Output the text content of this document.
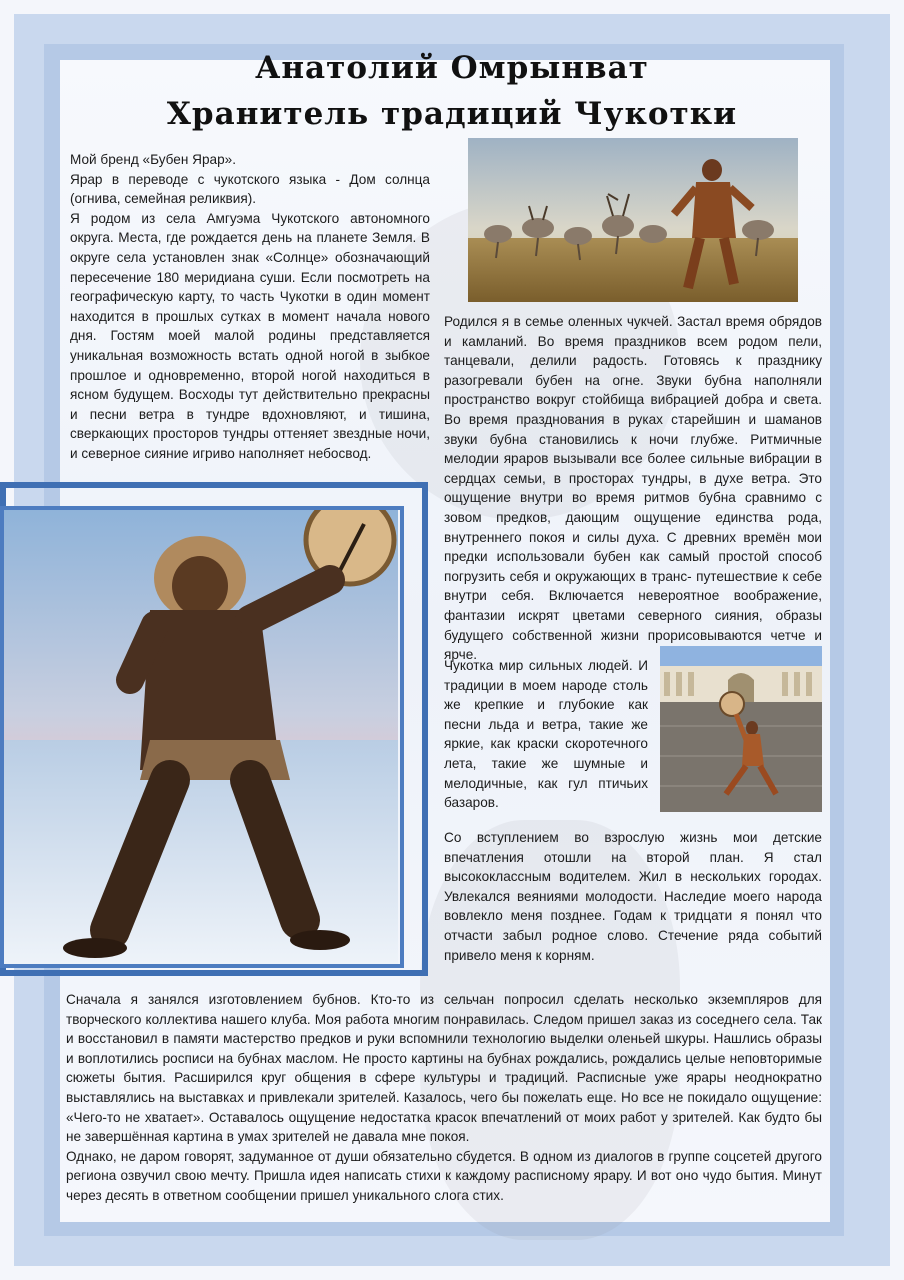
Анатолий Омрынват
Хранитель традиций Чукотки

Мой бренд «Бубен Ярар».

Ярар в переводе с чукотского языка - Дом солнца (огнива, семейная реликвия).

Я родом из села Амгуэма Чукотского автономного округа. Места, где рождается день на планете Земля. В округе села установлен знак «Солнце» обозначающий пересечение 180 меридиана суши. Если посмотреть на географическую карту, то часть Чукотки в один момент находится в прошлых сутках в момент начала нового дня. Гостям моей малой родины представляется уникальная возможность встать одной ногой в зыбкое прошлое и одновременно, второй ногой находиться в ясном будущем. Восходы тут действительно прекрасны и песни ветра в тундре вдохновляют, и тишина, сверкающих просторов тундры оттеняет звездные ночи, и северное сияние игриво наполняет небосвод.

Родился я в семье оленных чукчей. Застал время обрядов и камланий. Во время праздников всем родом пели, танцевали, делили радость. Готовясь к празднику разогревали бубен на огне. Звуки бубна наполняли пространство вокруг стойбища вибрацией добра и света. Во время празднования в руках старейшин и шаманов звуки бубна становились к ночи глубже. Ритмичные мелодии яраров вызывали все более сильные вибрации в сердцах семьи, в просторах тундры, в духе ветра. Это ощущение внутри во время ритмов бубна сравнимо с зовом предков, дающим ощущение единства рода, внутреннего покоя и силы духа. С древних времён мои предки использовали бубен как самый простой способ погрузить себя и окружающих в транс- путешествие к себе внутри себя. Включается невероятное воображение, фантазии искрят цветами северного сияния, образы будущего собственной жизни прорисовываются четче и ярче.
Чукотка мир сильных людей. И традиции в моем народе столь же крепкие и глубокие как песни льда и ветра, такие же яркие, как краски скоротечного лета, такие же шумные и мелодичные, как гул птичьих базаров.
Со вступлением во взрослую жизнь мои детские впечатления отошли на второй план. Я стал высококлассным водителем. Жил в нескольких городах. Увлекался веяниями молодости. Наследие моего народа вовлекло меня позднее. Годам к тридцати я понял что отчасти забыл родное слово. Стечение ряда событий привело меня к корням.

Сначала я занялся изготовлением бубнов. Кто-то из сельчан попросил сделать несколько экземпляров для творческого коллектива нашего клуба. Моя работа многим понравилась. Следом пришел заказ из соседнего села. Так и восстановил в памяти мастерство предков и руки вспомнили технологию выделки оленьей шкуры. Нашлись образы и воплотились росписи на бубнах маслом. Не просто картины на бубнах рождались, рождались целые неповторимые сюжеты бытия. Расширился круг общения в сфере культуры и традиций. Расписные уже ярары неоднократно выставлялись на выставках и привлекали зрителей. Казалось, чего бы пожелать еще. Но все не покидало ощущение: «Чего-то не хватает». Оставалось ощущение недостатка красок впечатлений от моих работ у зрителей. Как будто бы не завершённая картина в умах зрителей не давала мне покоя.

Однако, не даром говорят, задуманное от души обязательно сбудется. В одном из диалогов в группе соцсетей другого региона озвучил свою мечту. Пришла идея написать стихи к каждому расписному ярару. И вот оно чудо бытия. Минут через десять в ответном сообщении пришел уникального слога стих.
